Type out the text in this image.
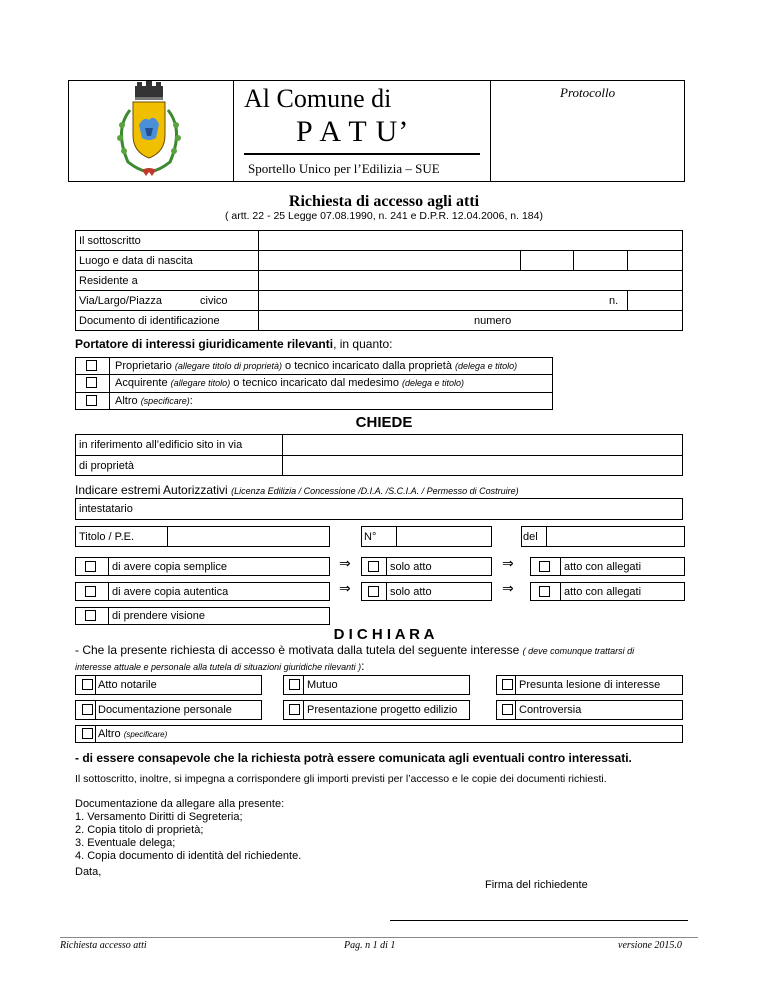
Al Comune di
P A T U’
Sportello Unico per l’Edilizia – SUE
Protocollo
Richiesta di accesso agli atti
( artt. 22 - 25 Legge 07.08.1990, n. 241 e D.P.R. 12.04.2006, n. 184)
Il sottoscritto
Luogo e data di nascita
Residente a
Via/Largo/Piazza	civico	n.
Documento di identificazione	numero
Portatore di interessi giuridicamente rilevanti, in quanto:
Proprietario (allegare titolo di proprietà) o tecnico incaricato dalla proprietà (delega e titolo)
Acquirente (allegare titolo) o tecnico incaricato dal medesimo (delega e titolo)
Altro (specificare):
CHIEDE
in riferimento all’edificio sito in via
di proprietà
Indicare estremi Autorizzativi (Licenza Edilizia / Concessione /D.I.A. /S.C.I.A. / Permesso di Costruire)
intestatario
Titolo / P.E.	N°	del
di avere copia semplice	⇒	solo atto	⇒	atto con allegati
di avere copia autentica	⇒	solo atto	⇒	atto con allegati
di prendere visione
D I C H I A R A
- Che la presente richiesta di accesso è motivata dalla tutela del seguente interesse ( deve comunque trattarsi di
interesse attuale e personale alla tutela di situazioni giuridiche rilevanti ):
Atto notarile	Mutuo	Presunta lesione di interesse
Documentazione personale	Presentazione progetto edilizio	Controversia
Altro (specificare)
- di essere consapevole che la richiesta potrà essere comunicata agli eventuali contro interessati.
Il sottoscritto, inoltre, si impegna a corrispondere gli importi previsti per l’accesso e le copie dei documenti richiesti.
Documentazione da allegare alla presente:
1. Versamento Diritti di Segreteria;
2. Copia titolo di proprietà;
3. Eventuale delega;
4. Copia documento di identità del richiedente.
Data,
Firma del richiedente
Richiesta accesso atti	Pag. n 1 di 1	versione 2015.0
